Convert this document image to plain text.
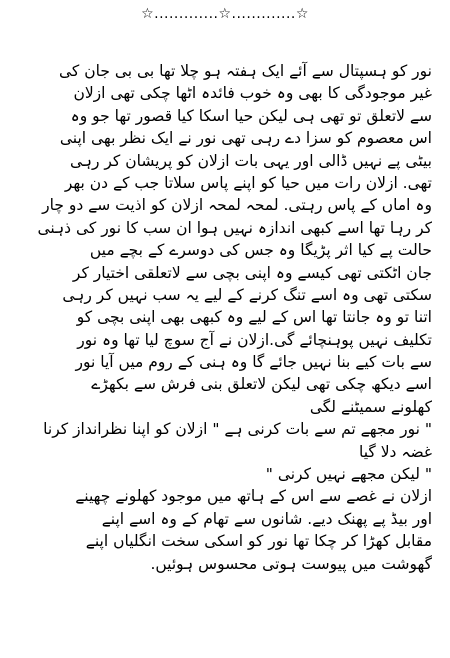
☆.............☆.............☆
نور کو ہسپتال سے آئے ایک ہفتہ ہو چلا تھا بی بی جان کی
غیر موجودگی کا بھی وہ خوب فائدہ اٹھا چکی تھی ازلان
سے لاتعلق تو تھی ہی لیکن حیا اسکا کیا قصور تھا جو وہ
اس معصوم کو سزا دے رہی تھی نور نے ایک نظر بھی اپنی
بیٹی پے نہیں ڈالی اور یہی بات ازلان کو پریشان کر رہی
تھی. ازلان رات میں حیا کو اپنے پاس سلاتا جب کے دن بھر
وہ اماں کے پاس رہتی. لمحہ لمحہ ازلان کو اذیت سے دو چار
کر رہا تھا اسے کبھی اندازہ نہیں ہوا ان سب کا نور کی ذہنی
حالت پے کیا اثر پڑیگا وہ جس کی دوسرے کے بچے میں
جان اٹکتی تھی کیسے وہ اپنی بچی سے لاتعلقی اختیار کر
سکتی تھی وہ اسے تنگ کرنے کے لیے یہ سب نہیں کر رہی
اتنا تو وہ جانتا تھا اس کے لیے وہ کبھی بھی اپنی بچی کو
تکلیف نہیں پوہنچائے گی.ازلان نے آج سوچ لیا تھا وہ نور
سے بات کیے بنا نہیں جائے گا وہ ہنی کے روم میں آیا نور
اسے دیکھ چکی تھی لیکن لاتعلق بنی فرش سے بکھڑے
کھلونے سمیٹنے لگی
" نور مجھے تم سے بات کرنی ہے " ازلان کو اپنا نظرانداز کرنا
غضہ دلا گیا
" لیکن مجھے نہیں کرنی "
ازلان نے غصے سے اس کے ہاتھ میں موجود کھلونے چھینے
اور بیڈ پے پھنک دیے. شانوں سے تھام کے وہ اسے اپنے
مقابل کھڑا کر چکا تھا نور کو اسکی سخت انگلیاں اپنے
گھوشت میں پیوست ہوتی محسوس ہوئیں.
